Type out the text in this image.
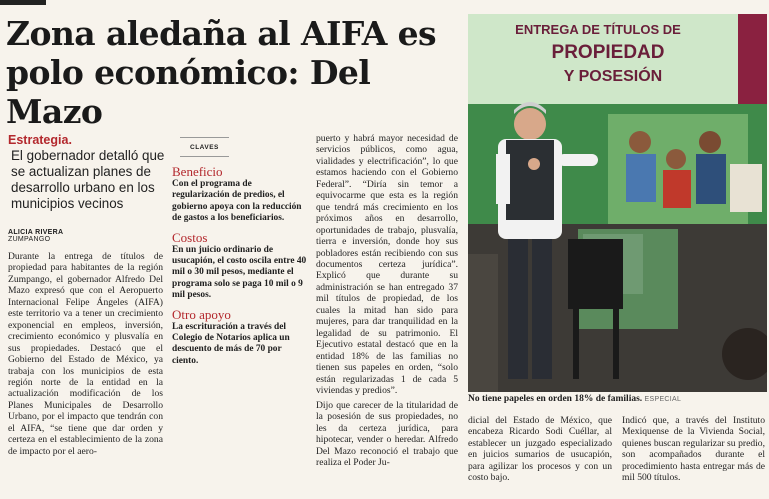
Zona aledaña al AIFA es polo económico: Del Mazo
Estrategia.
El gobernador detalló que se actualizan planes de desarrollo urbano en los municipios vecinos
ALICIA RIVERA
ZUMPANGO

Durante la entrega de títulos de propiedad para habitantes de la región Zumpango, el gobernador Alfredo Del Mazo expresó que con el Aeropuerto Internacional Felipe Ángeles (AIFA) este territorio va a tener un crecimiento exponencial en empleos, inversión, crecimiento económico y plusvalía en sus propiedades. Destacó que el Gobierno del Estado de México, ya trabaja con los municipios de esta región norte de la entidad en la actualización modificación de los Planes Municipales de Desarrollo Urbano, por el impacto que tendrán con el AIFA, “se tiene que dar orden y certeza en el establecimiento de la zona de impacto por el aero-

CLAVES
Beneficio

Con el programa de regularización de predios, el gobierno apoya con la reducción de gastos a los beneficiarios.

Costos

En un juicio ordinario de usucapión, el costo oscila entre 40 mil o 30 mil pesos, mediante el programa solo se paga 10 mil o 9 mil pesos.

Otro apoyo

La escrituración a través del Colegio de Notarios aplica un descuento de más de 70 por ciento.

puerto y habrá mayor necesidad de servicios públicos, como agua, vialidades y electrificación”, lo que estamos haciendo con el Gobierno Federal”. “Diría sin temor a equivocarme que esta es la región que tendrá más crecimiento en los próximos años en desarrollo, oportunidades de trabajo, plusvalía, tierra e inversión, donde hoy sus pobladores están recibiendo con sus documentos certeza jurídica”. Explicó que durante su administración se han entregado 37 mil títulos de propiedad, de los cuales la mitad han sido para mujeres, para dar tranquilidad en la legalidad de su patrimonio. El Ejecutivo estatal destacó que en la entidad 18% de las familias no tienen sus papeles en orden, “solo están regularizadas 1 de cada 5 viviendas y predios”.

Dijo que carecer de la titularidad de la posesión de sus propiedades, no les da certeza jurídica, para hipotecar, vender o heredar. Alfredo Del Mazo reconoció el trabajo que realiza el Poder Ju-

ENTREGA DE TÍTULOS DE
PROPIEDAD
Y POSESIÓN
No tiene papeles en orden 18% de familias. ESPECIAL

dicial del Estado de México, que encabeza Ricardo Sodi Cuéllar, al establecer un juzgado especializado en juicios sumarios de usucapión, para agilizar los procesos y con un costo bajo.

Indicó que, a través del Instituto Mexiquense de la Vivienda Social, quienes buscan regularizar su predio, son acompañados durante el procedimiento hasta entregar más de mil 500 títulos.
